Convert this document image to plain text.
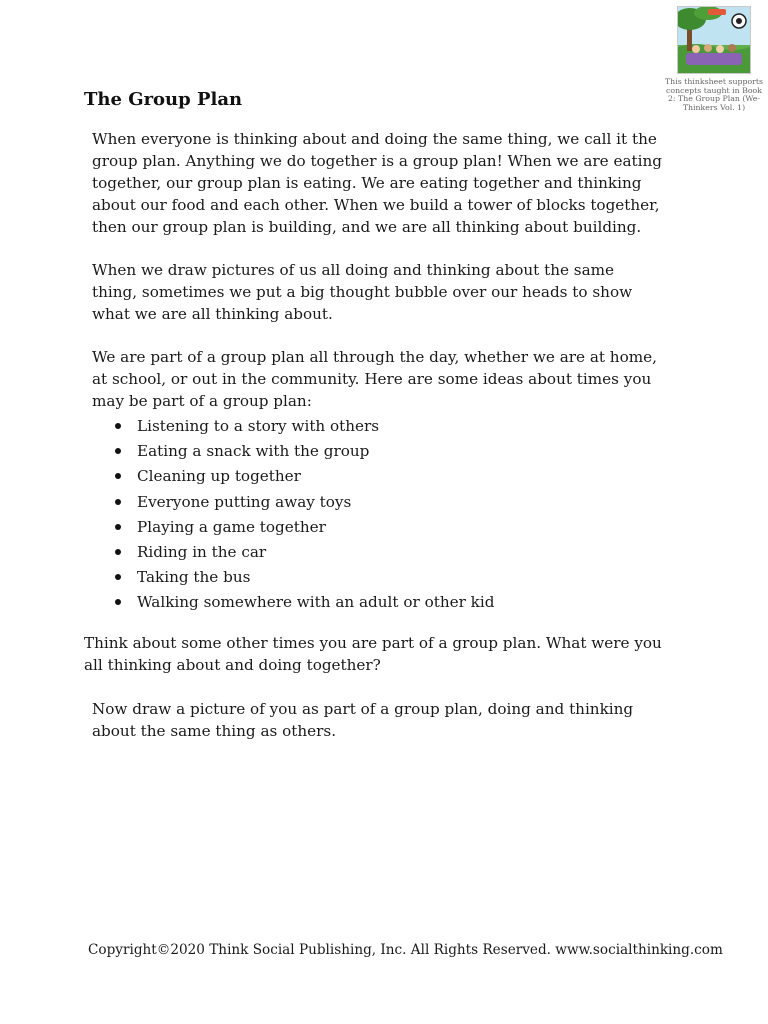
This thinksheet supports concepts taught in Book 2: The Group Plan (We-Thinkers Vol. 1)

The Group Plan

When everyone is thinking about and doing the same thing, we call it the group plan. Anything we do together is a group plan! When we are eating together, our group plan is eating. We are eating together and thinking about our food and each other. When we build a tower of blocks together, then our group plan is building, and we are all thinking about building.

When we draw pictures of us all doing and thinking about the same thing, sometimes we put a big thought bubble over our heads to show what we are all thinking about.

We are part of a group plan all through the day, whether we are at home, at school, or out in the community. Here are some ideas about times you may be part of a group plan:

Listening to a story with others
Eating a snack with the group
Cleaning up together
Everyone putting away toys
Playing a game together
Riding in the car
Taking the bus
Walking somewhere with an adult or other kid

Think about some other times you are part of a group plan. What were you all thinking about and doing together?

Now draw a picture of you as part of a group plan, doing and thinking about the same thing as others.

Copyright©2020 Think Social Publishing, Inc. All Rights Reserved. www.socialthinking.com
